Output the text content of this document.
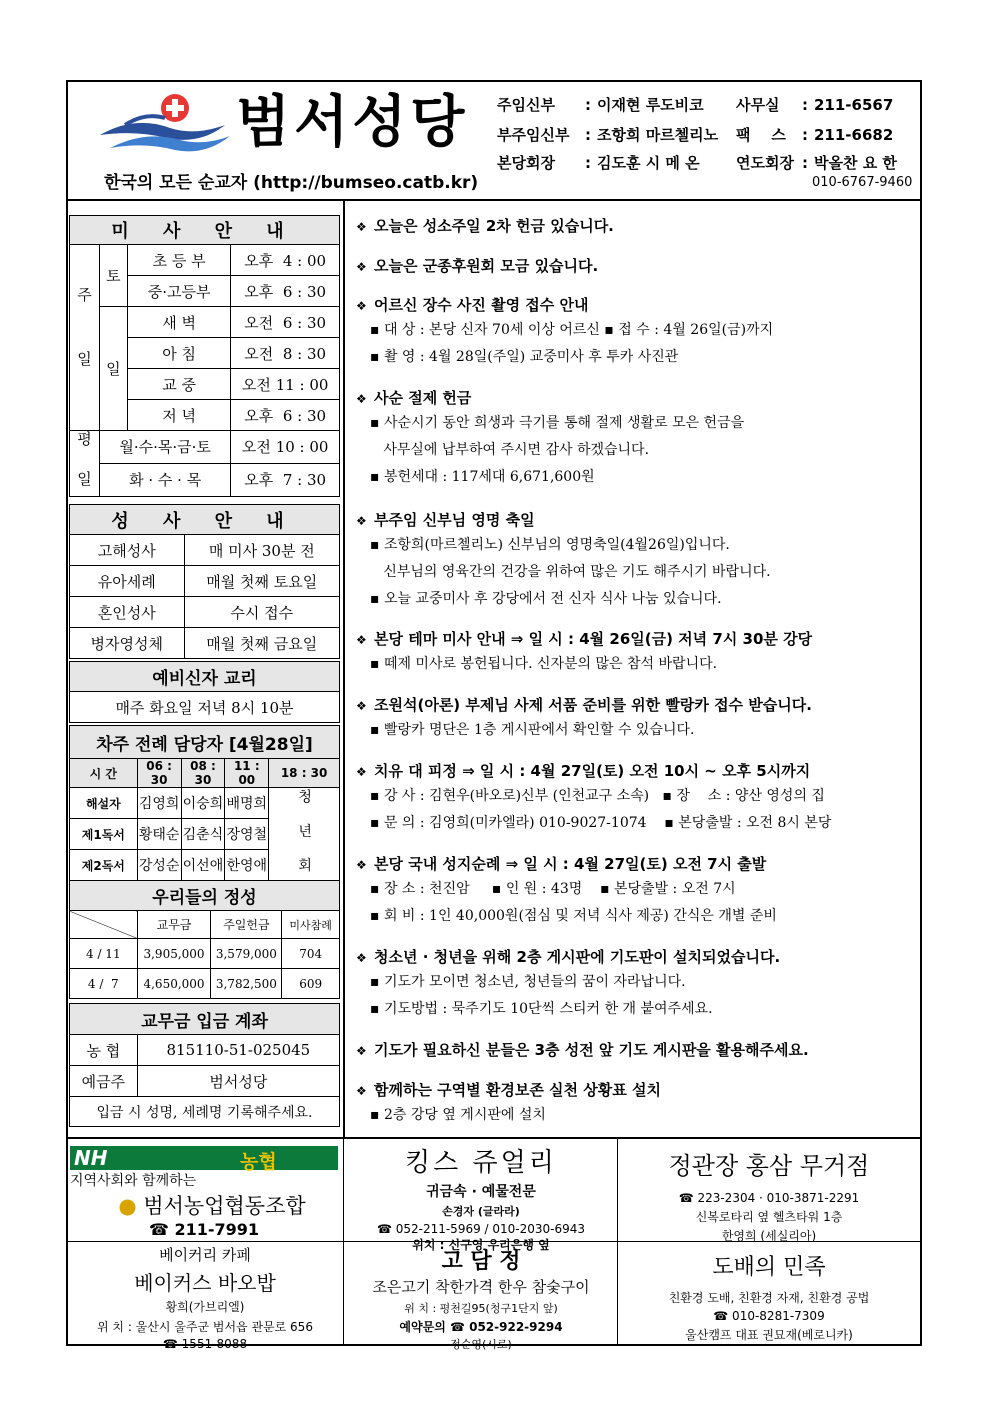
범서성당
한국의 모든 순교자 (http://bumseo.catb.kr)
주임신부 : 이재현 루도비코
부주임신부 : 조항희 마르첼리노
본당회장 : 김도훈 시 메 온
사무실 : 211-6567
팩    스 : 211-6682
연도회장 : 박올찬 요 한
010-6767-9460
미 사 안 내			
주 일	토	초 등 부	오후 4 : 00
		중·고등부	오후 6 : 30
	일	새 벽	오전 6 : 30
		아 침	오전 8 : 30
		교 중	오전 11 : 00
		저 녁	오후 6 : 30
평 일	월·수·목·금·토		오전 10 : 00
	화 · 수 · 목		오후 7 : 30
성 사 안 내	
고해성사	매 미사 30분 전
유아세례	매월 첫째 토요일
혼인성사	수시 접수
병자영성체	매월 첫째 금요일
예비신자 교리
매주 화요일 저녁 8시 10분
차주 전례 담당자 [4월28일]				
시 간	06 : 30	08 : 30	11 : 00	18 : 30
해설자	김영희	이숭희	배명희	청 년 회
제1독서	황태순	김춘식	장영철	
제2독서	강성순	이선애	한영애	
우리들의 정성			
	교무금	주일헌금	미사참례
4 / 11	3,905,000	3,579,000	704
4 /  7	4,650,000	3,782,500	609
교무금 입금 계좌	
농 협	815110-51-025045
예금주	범서성당
입금 시 성명, 세례명 기록해주세요.	
❖ 오늘은 성소주일 2차 헌금 있습니다.
❖ 오늘은 군종후원회 모금 있습니다.
❖ 어르신 장수 사진 촬영 접수 안내
▪ 대 상 : 본당 신자 70세 이상 어르신 ▪ 접 수 : 4월 26일(금)까지
▪ 촬 영 : 4월 28일(주일) 교중미사 후 투카 사진관
❖ 사순 절제 헌금
▪ 사순시기 동안 희생과 극기를 통해 절제 생활로 모은 헌금을
사무실에 납부하여 주시면 감사 하겠습니다.
▪ 봉헌세대 : 117세대 6,671,600원
❖ 부주임 신부님 영명 축일
▪ 조항희(마르첼리노) 신부님의 영명축일(4월26일)입니다.
신부님의 영육간의 건강을 위하여 많은 기도 해주시기 바랍니다.
▪ 오늘 교중미사 후 강당에서 전 신자 식사 나눔 있습니다.
❖ 본당 테마 미사 안내 ⇒ 일 시 : 4월 26일(금) 저녁 7시 30분 강당
▪ 떼제 미사로 봉헌됩니다. 신자분의 많은 참석 바랍니다.
❖ 조원석(아론) 부제님 사제 서품 준비를 위한 빨랑카 접수 받습니다.
▪ 빨랑카 명단은 1층 게시판에서 확인할 수 있습니다.
❖ 치유 대 피정 ⇒ 일 시 : 4월 27일(토) 오전 10시 ~ 오후 5시까지
▪ 강 사 : 김현우(바오로)신부 (인천교구 소속)   ▪ 장    소 : 양산 영성의 집
▪ 문 의 : 김영희(미카엘라) 010-9027-1074    ▪ 본당출발 : 오전 8시 본당
❖ 본당 국내 성지순례 ⇒ 일 시 : 4월 27일(토) 오전 7시 출발
▪ 장 소 : 천진암     ▪ 인 원 : 43명    ▪ 본당출발 : 오전 7시
▪ 회 비 : 1인 40,000원(점심 및 저녁 식사 제공) 간식은 개별 준비
❖ 청소년 · 청년을 위해 2층 게시판에 기도판이 설치되었습니다.
▪ 기도가 모이면 청소년, 청년들의 꿈이 자라납니다.
▪ 기도방법 : 묵주기도 10단씩 스티커 한 개 붙여주세요.
❖ 기도가 필요하신 분들은 3층 성전 앞 기도 게시판을 활용해주세요.
❖ 함께하는 구역별 환경보존 실천 상황표 설치
▪ 2층 강당 옆 게시판에 설치
NH	농협
지역사회와 함께하는
● 범서농업협동조합
☎ 211-7991
킹스 쥬얼리
귀금속 · 예물전문
손경자 (글라라)
☎ 052-211-5969 / 010-2030-6943
위치 : 신구영 우리은행 옆
정관장 홍삼 무거점
☎ 223-2304 · 010-3871-2291
신복로타리 옆 헬츠타워 1층
한영희 (세실리아)
베이커리 카페
베이커스 바오밥
황희(가브리엘)
위 치 : 울산시 울주군 범서읍 관문로 656
☎ 1551-8088
고 담 정
조은고기 착한가격 한우 참숯구이
위 치 : 평천길95(청구1단지 앞)
예약문의 ☎ 052-922-9294
정순영(시로)
도배의 민족
친환경 도배, 친환경 자재, 친환경 공법
☎ 010-8281-7309
울산캠프 대표 권묘재(베로니카)
